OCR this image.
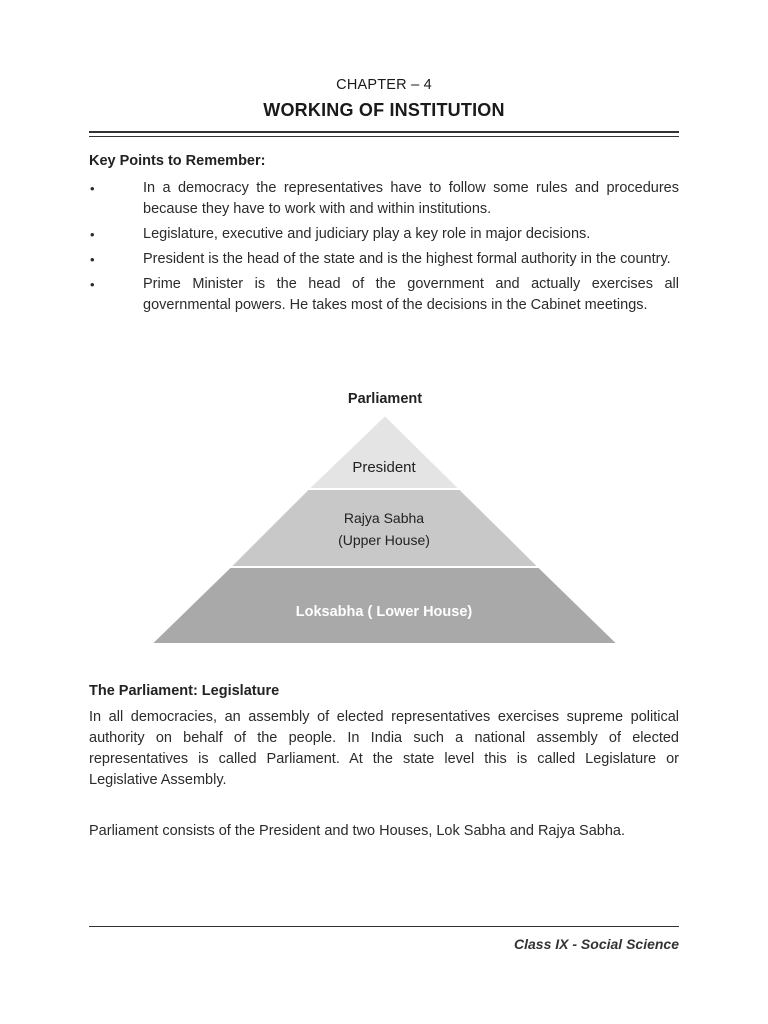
CHAPTER – 4
WORKING OF INSTITUTION
Key Points to Remember:
•	In a democracy the representatives have to follow some rules and procedures because they have to work with and within institutions.
•	Legislature, executive and judiciary play a key role in major decisions.
•	President is the head of the state and is the highest formal authority in the country.
•	Prime Minister is the head of the government and actually exercises all governmental powers. He takes most of the decisions in the Cabinet meetings.
Parliament
President
Rajya Sabha
(Upper House)
Loksabha ( Lower House)
The Parliament: Legislature

In all democracies, an assembly of elected representatives exercises supreme political authority on behalf of the people. In India such a national assembly of elected representatives is called Parliament. At the state level this is called Legislature or Legislative Assembly.

Parliament consists of the President and two Houses, Lok Sabha and Rajya Sabha.

Class IX - Social Science
